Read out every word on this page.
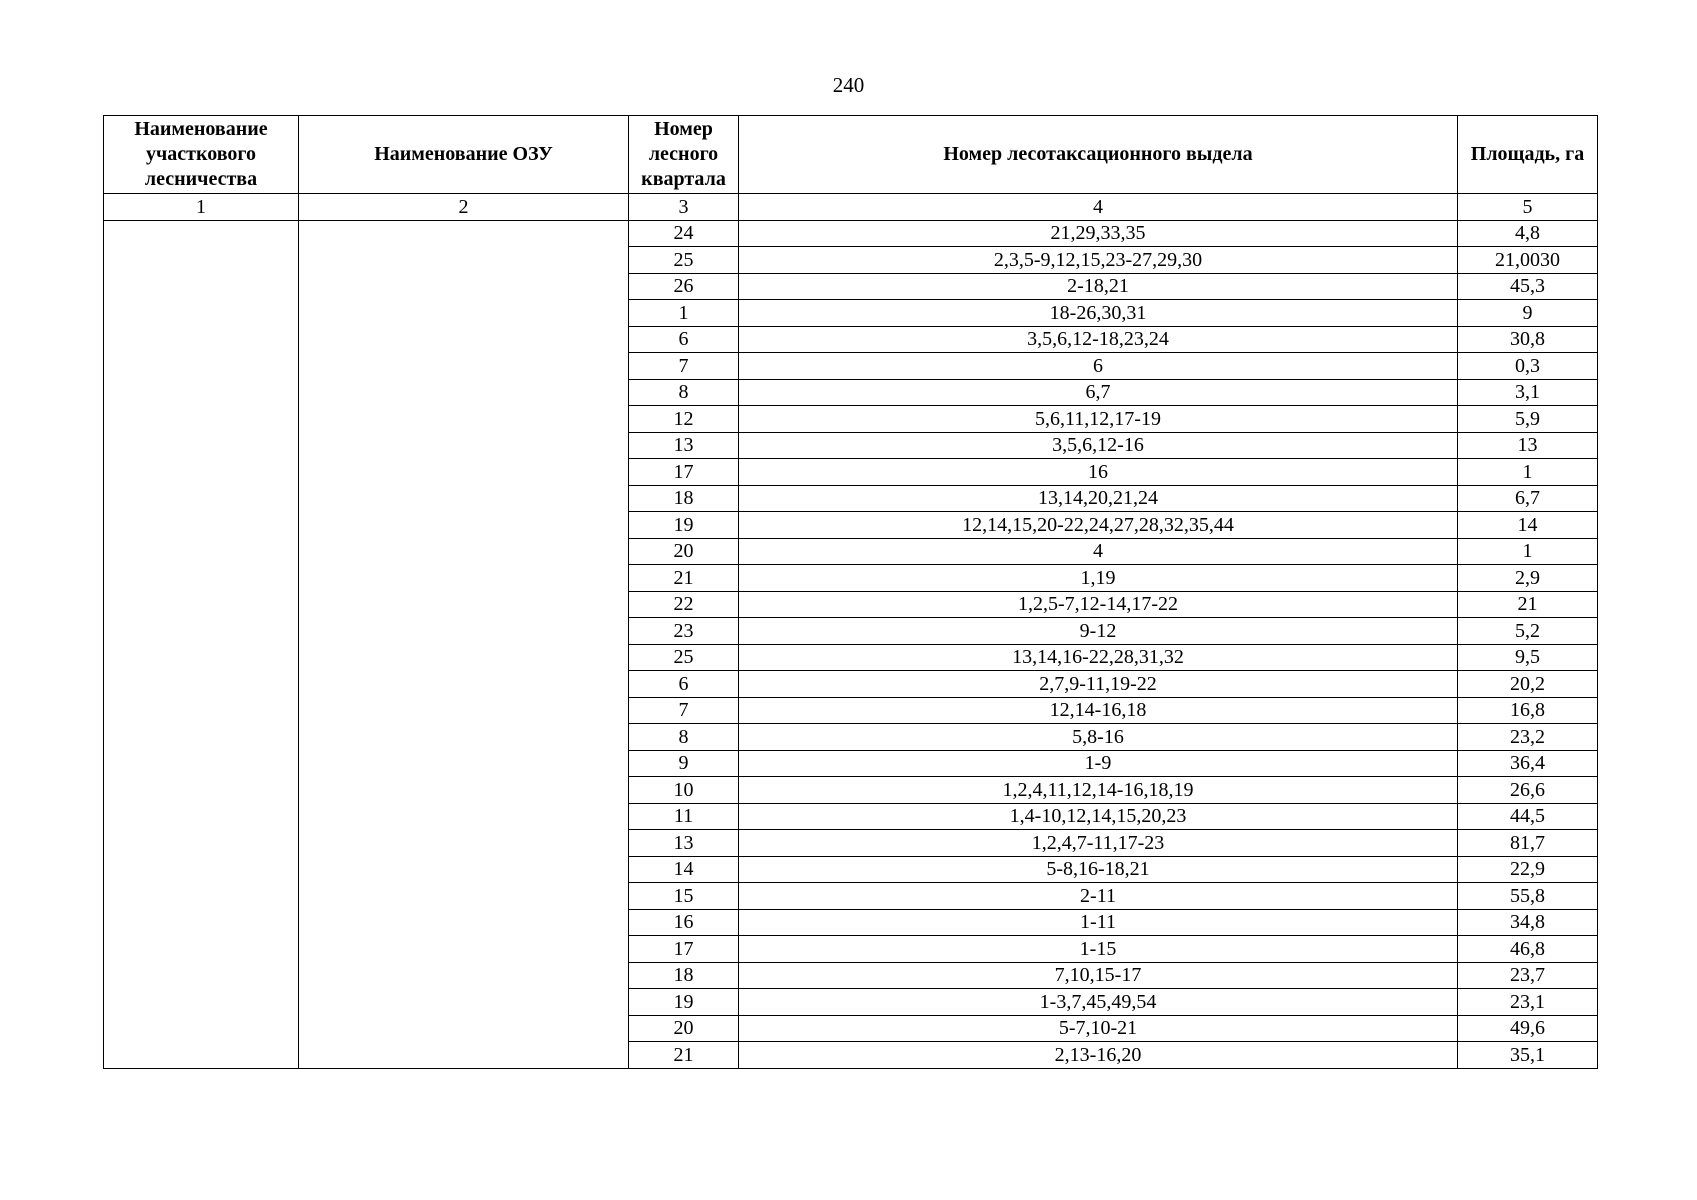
240
Наименование участкового лесничества	Наименование ОЗУ	Номер лесного квартала	Номер лесотаксационного выдела	Площадь, га
1	2	3	4	5
		24	21,29,33,35	4,8
		25	2,3,5-9,12,15,23-27,29,30	21,0030
		26	2-18,21	45,3
		1	18-26,30,31	9
		6	3,5,6,12-18,23,24	30,8
		7	6	0,3
		8	6,7	3,1
		12	5,6,11,12,17-19	5,9
		13	3,5,6,12-16	13
		17	16	1
		18	13,14,20,21,24	6,7
		19	12,14,15,20-22,24,27,28,32,35,44	14
		20	4	1
		21	1,19	2,9
		22	1,2,5-7,12-14,17-22	21
		23	9-12	5,2
		25	13,14,16-22,28,31,32	9,5
		6	2,7,9-11,19-22	20,2
		7	12,14-16,18	16,8
		8	5,8-16	23,2
		9	1-9	36,4
		10	1,2,4,11,12,14-16,18,19	26,6
		11	1,4-10,12,14,15,20,23	44,5
		13	1,2,4,7-11,17-23	81,7
		14	5-8,16-18,21	22,9
		15	2-11	55,8
		16	1-11	34,8
		17	1-15	46,8
		18	7,10,15-17	23,7
		19	1-3,7,45,49,54	23,1
		20	5-7,10-21	49,6
		21	2,13-16,20	35,1
